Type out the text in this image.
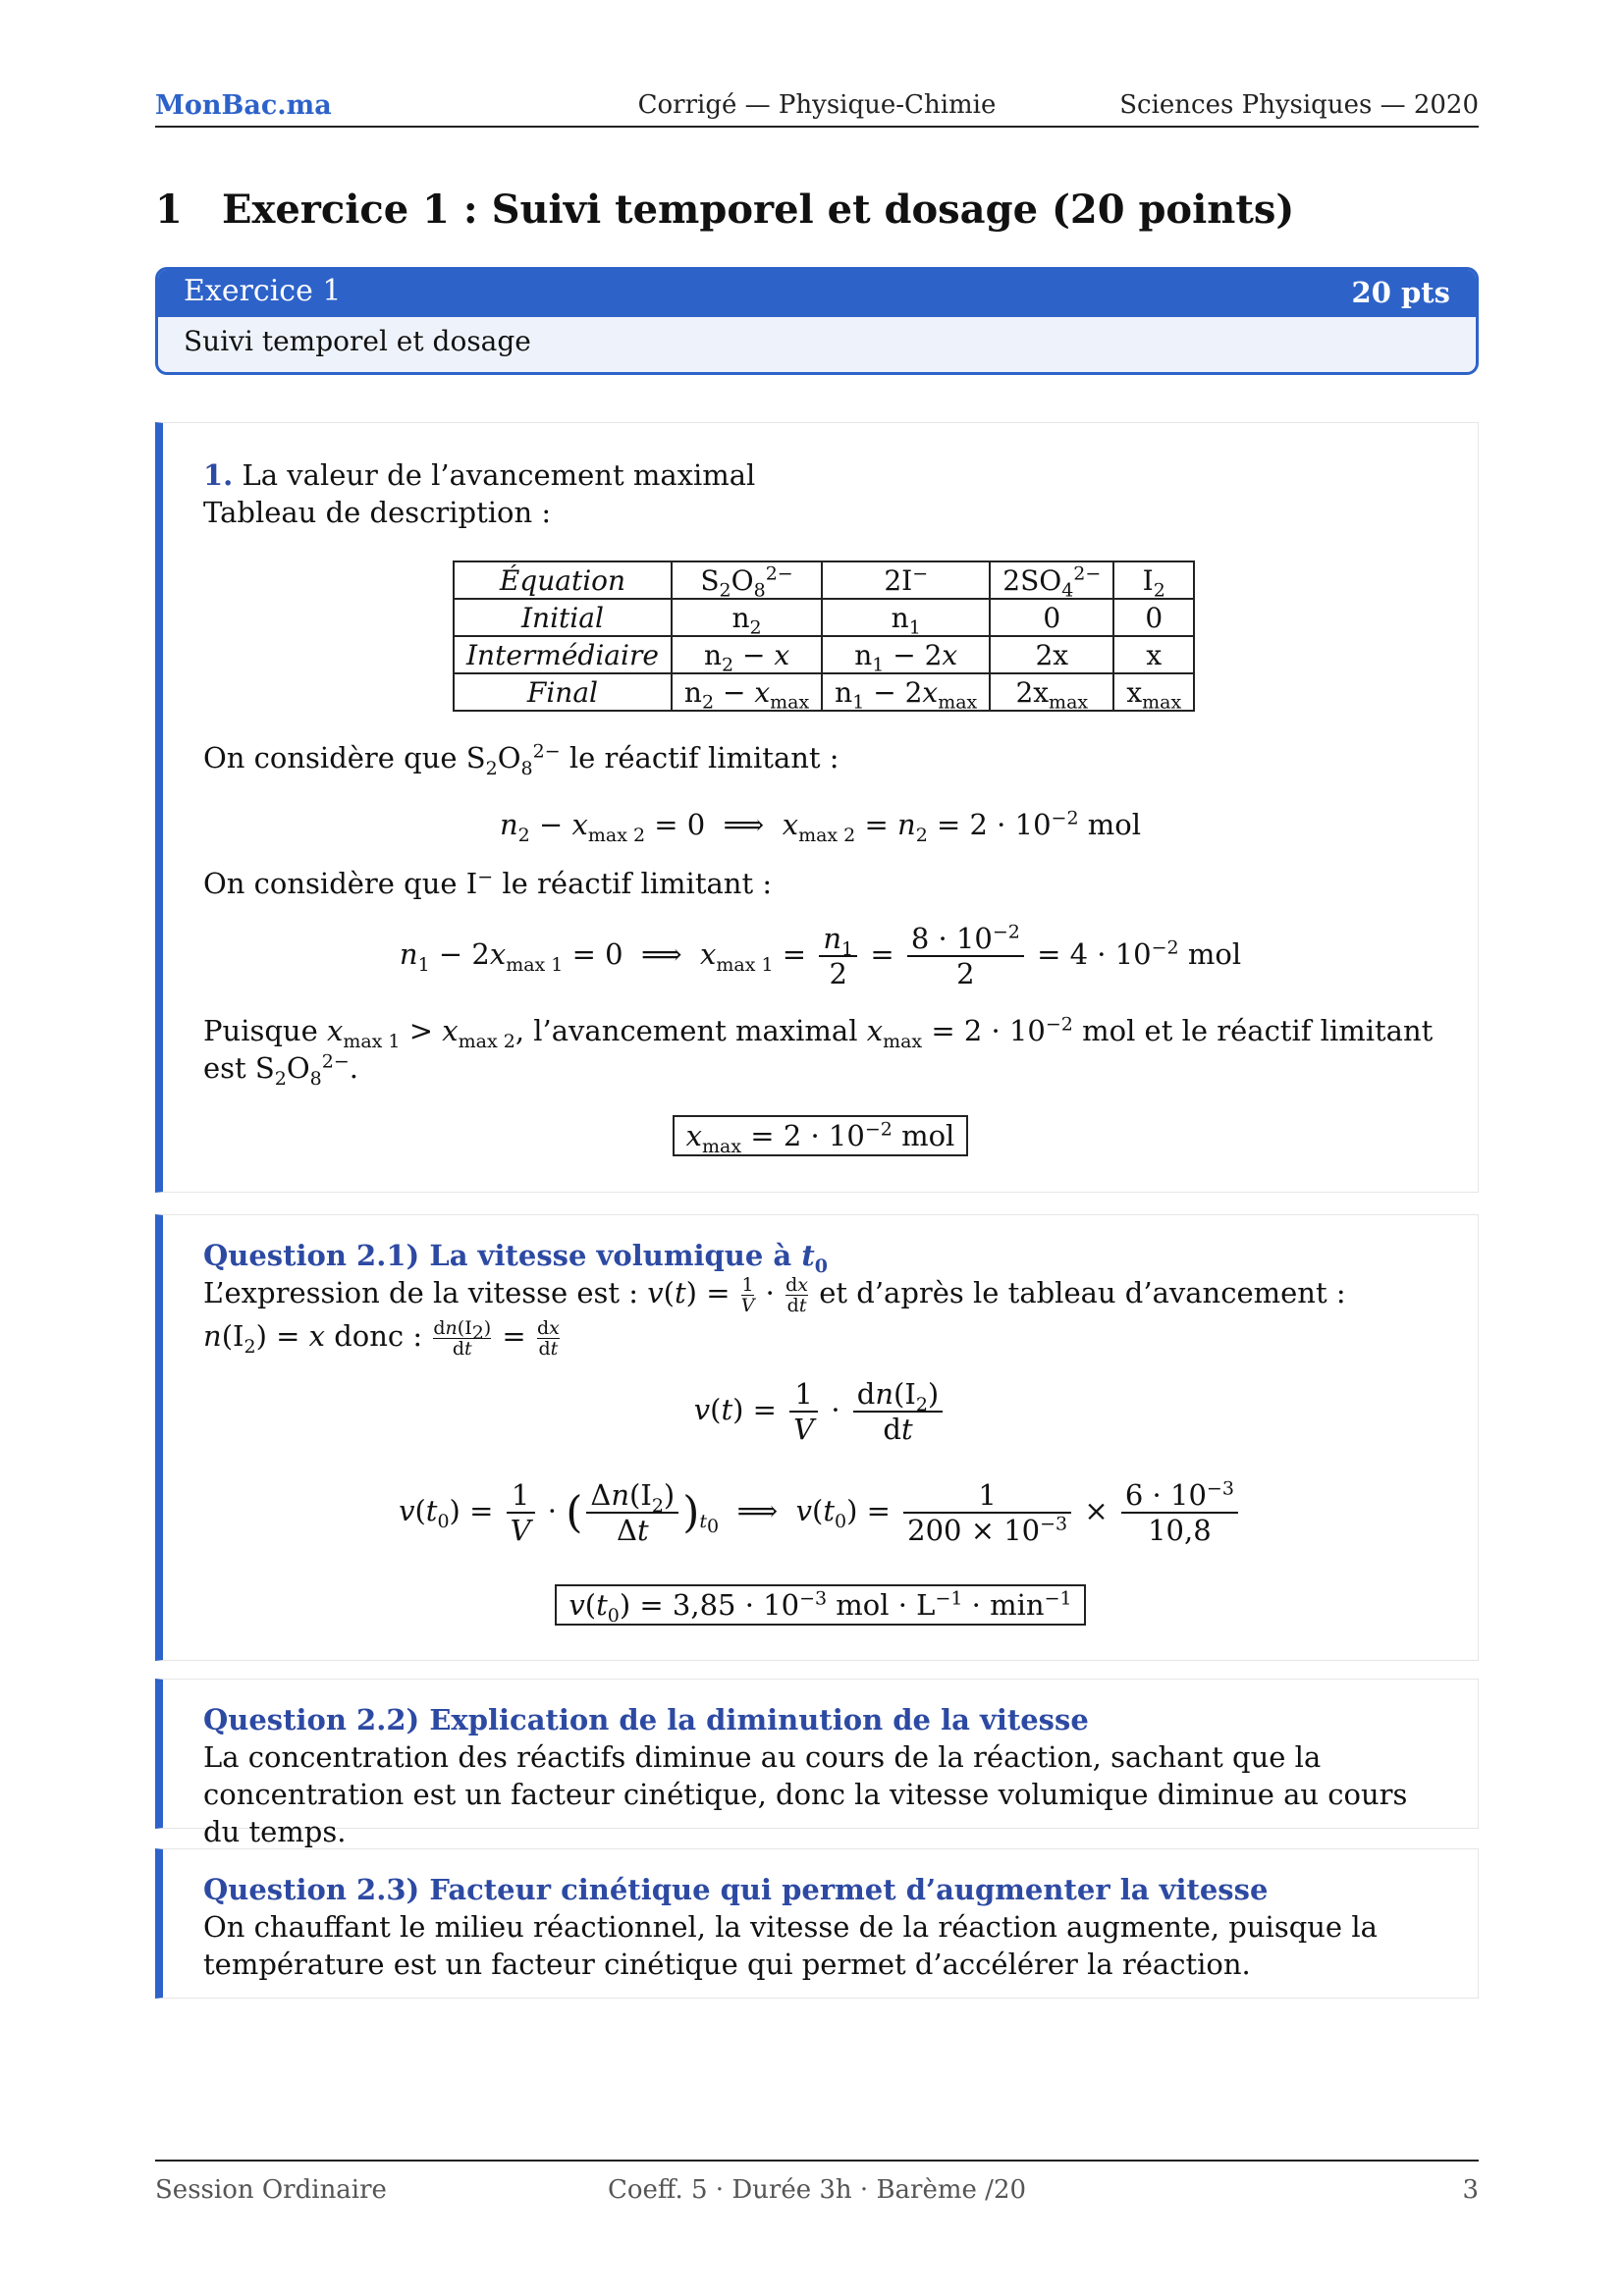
MonBac.ma	Corrigé — Physique-Chimie	Sciences Physiques — 2020
1 Exercice 1 : Suivi temporel et dosage (20 points)
Exercice 1	20 pts
Suivi temporel et dosage
1. La valeur de l’avancement maximal
Tableau de description :
Équation	$S_2O_8^{2-}$	2I−	$2SO_4^{2-}$	$I_2$
Initial	$n_2$	$n_1$	0	0
Intermédiaire	$n_2 - x$	$n_1 - 2x$	2x	x
Final	$n_2 - x_{max}$	$n_1 - 2x_{max}$	$2x_{max}$	$x_{max}$
On considère que $S_2O_8^{2-}$ le réactif limitant :
$n_2 - x_{max 2} = 0$  ⟹  $x_{max 2} = n_2 = 2 \cdot 10^{-2}$ mol
On considère que I− le réactif limitant :
$n_1 - 2x_{max 1} = 0$  ⟹  $x_{max 1} = \frac{n_1}{2} = \frac{8 \cdot 10^{-2}}{2} = 4 \cdot 10^{-2}$ mol
Puisque $x_{max 1} > x_{max 2}$, l’avancement maximal $x_{max} = 2 \cdot 10^{-2}$ mol et le réactif limitant est $S_2O_8^{2-}$.
$x_{max} = 2 \cdot 10^{-2}$ mol
Question 2.1) La vitesse volumique à $t_0$
L’expression de la vitesse est : $v(t) = \frac{1}{V} \cdot \frac{dx}{dt}$ et d’après le tableau d’avancement :
$n(I_2) = x$ donc : $\frac{dn(I_2)}{dt} = \frac{dx}{dt}$
$v(t) = \frac{1}{V} \cdot \frac{dn(I_2)}{dt}$
$v(t_0) = \frac{1}{V}$ · ( $\frac{\Delta n(I_2)}{\Delta t} )_{t_0}$  ⟹  $v(t_0) = \frac{1}{200 \times 10^{-3}} \times \frac{6 \cdot 10^{-3}}{10,8}$
$v(t_0) = 3,85 \cdot 10^{-3}$ mol · $L^{-1} \cdot \min^{-1}$
Question 2.2) Explication de la diminution de la vitesse
La concentration des réactifs diminue au cours de la réaction, sachant que la concentration est un facteur cinétique, donc la vitesse volumique diminue au cours du temps.
Question 2.3) Facteur cinétique qui permet d’augmenter la vitesse
On chauffant le milieu réactionnel, la vitesse de la réaction augmente, puisque la température est un facteur cinétique qui permet d’accélérer la réaction.
Session Ordinaire	Coeff. 5 · Durée 3h · Barème /20	3
